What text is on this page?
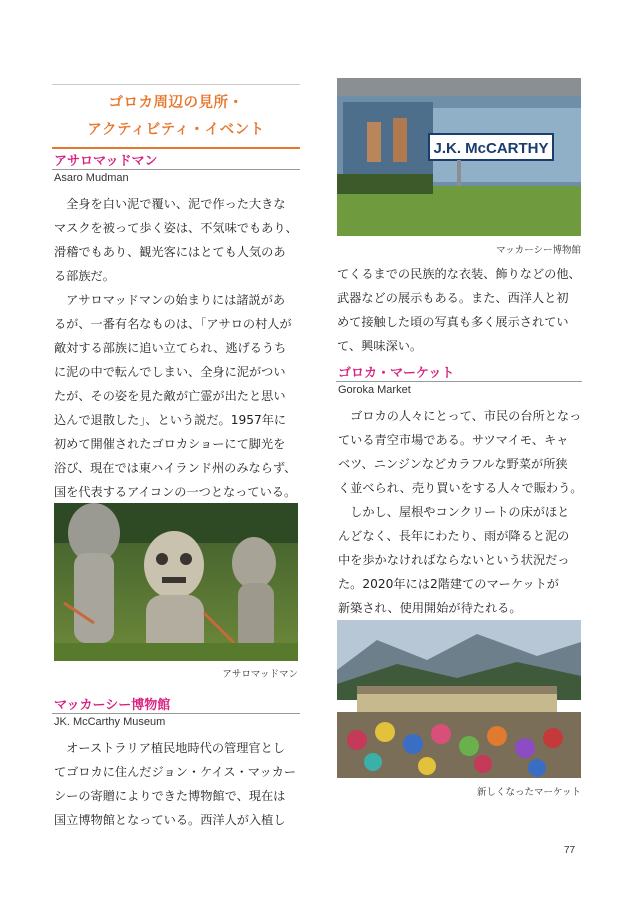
ゴロカ周辺の見所・
アクティビティ・イベント
アサロマッドマン
Asaro Mudman

　全身を白い泥で覆い、泥で作った大きな

マスクを被って歩く姿は、不気味でもあり、

滑稽でもあり、観光客にはとても人気のあ

る部族だ。

　アサロマッドマンの始まりには諸説があ

るが、一番有名なものは、「アサロの村人が

敵対する部族に追い立てられ、逃げるうち

に泥の中で転んでしまい、全身に泥がつい

たが、その姿を見た敵が亡霊が出たと思い

込んで退散した」、という説だ。1957年に

初めて開催されたゴロカショーにて脚光を

浴び、現在では東ハイランド州のみならず、

国を代表するアイコンの一つとなっている。

アサロマッドマン
マッカーシー博物館
JK. McCarthy Museum

　オーストラリア植民地時代の管理官とし

てゴロカに住んだジョン・ケイス・マッカー

シーの寄贈によりできた博物館で、現在は

国立博物館となっている。西洋人が入植し

J.K. McCARTHY
マッカーシー博物館

てくるまでの民族的な衣装、飾りなどの他、

武器などの展示もある。また、西洋人と初

めて接触した頃の写真も多く展示されてい

て、興味深い。

ゴロカ・マーケット
Goroka Market

　ゴロカの人々にとって、市民の台所となっ

ている青空市場である。サツマイモ、キャ

ベツ、ニンジンなどカラフルな野菜が所狭

く並べられ、売り買いをする人々で賑わう。

　しかし、屋根やコンクリートの床がほと

んどなく、長年にわたり、雨が降ると泥の

中を歩かなければならないという状況だっ

た。2020年には2階建てのマーケットが

新築され、使用開始が待たれる。

新しくなったマーケット
77
